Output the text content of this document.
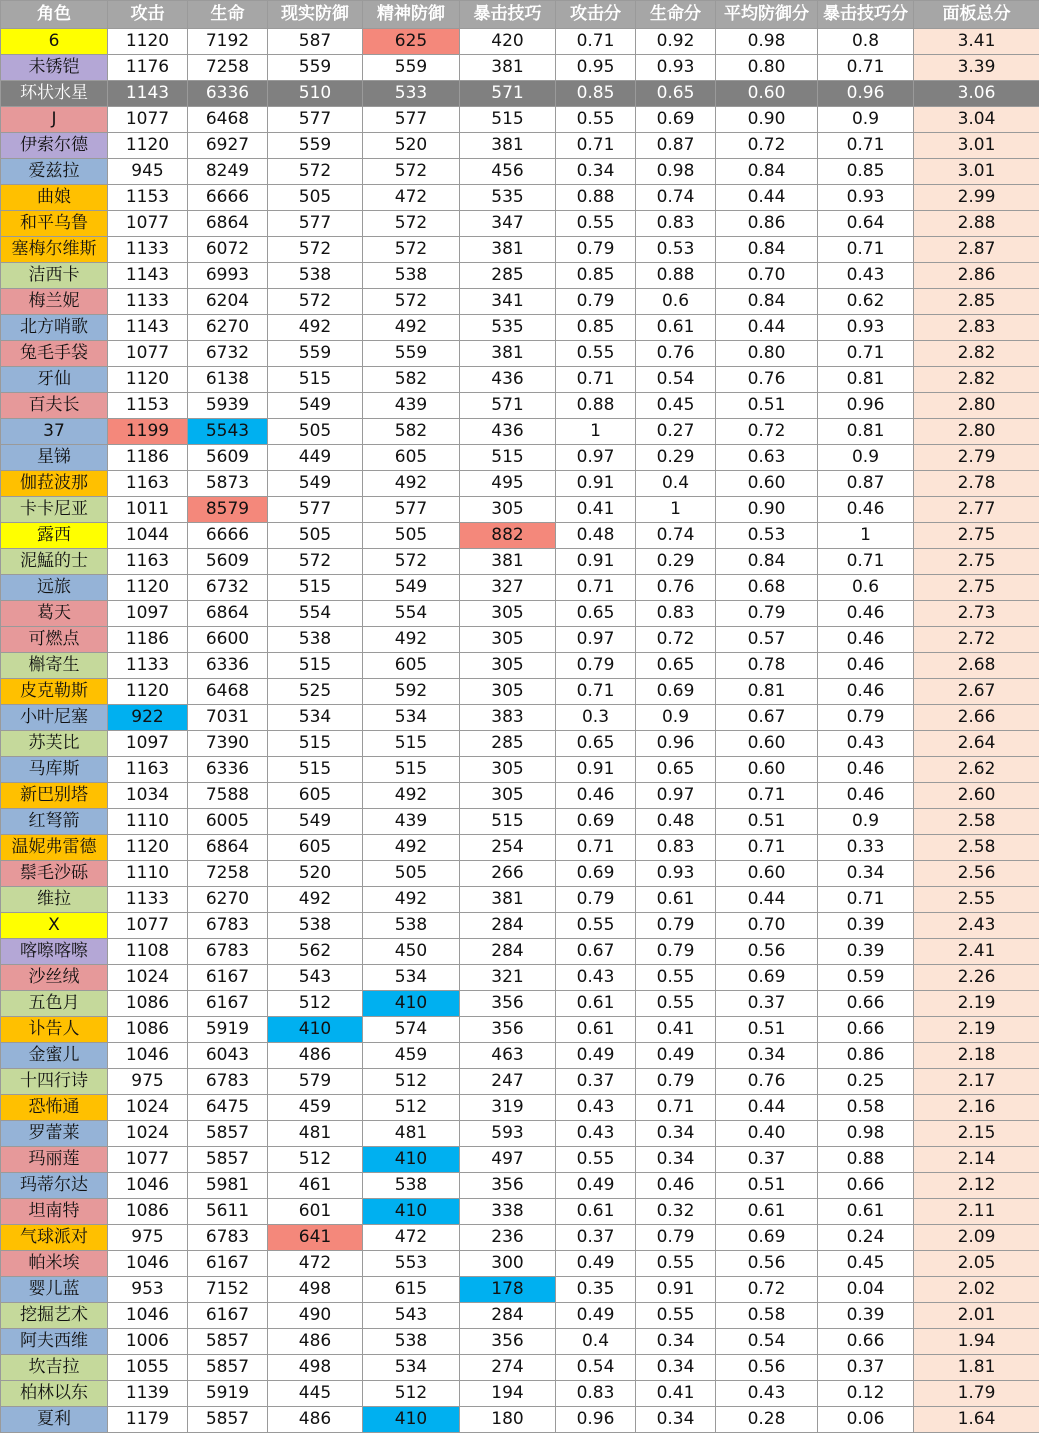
角色	攻击	生命	现实防御	精神防御	暴击技巧	攻击分	生命分	平均防御分	暴击技巧分	面板总分
6	1120	7192	587	625	420	0.71	0.92	0.98	0.8	3.41
未锈铠	1176	7258	559	559	381	0.95	0.93	0.80	0.71	3.39
环状水星	1143	6336	510	533	571	0.85	0.65	0.60	0.96	3.06
J	1077	6468	577	577	515	0.55	0.69	0.90	0.9	3.04
伊索尔德	1120	6927	559	520	381	0.71	0.87	0.72	0.71	3.01
爱兹拉	945	8249	572	572	456	0.34	0.98	0.84	0.85	3.01
曲娘	1153	6666	505	472	535	0.88	0.74	0.44	0.93	2.99
和平乌鲁	1077	6864	577	572	347	0.55	0.83	0.86	0.64	2.88
塞梅尔维斯	1133	6072	572	572	381	0.79	0.53	0.84	0.71	2.87
洁西卡	1143	6993	538	538	285	0.85	0.88	0.70	0.43	2.86
梅兰妮	1133	6204	572	572	341	0.79	0.6	0.84	0.62	2.85
北方哨歌	1143	6270	492	492	535	0.85	0.61	0.44	0.93	2.83
兔毛手袋	1077	6732	559	559	381	0.55	0.76	0.80	0.71	2.82
牙仙	1120	6138	515	582	436	0.71	0.54	0.76	0.81	2.82
百夫长	1153	5939	549	439	571	0.88	0.45	0.51	0.96	2.80
37	1199	5543	505	582	436	1	0.27	0.72	0.81	2.80
星锑	1186	5609	449	605	515	0.97	0.29	0.63	0.9	2.79
伽菈波那	1163	5873	549	492	495	0.91	0.4	0.60	0.87	2.78
卡卡尼亚	1011	8579	577	577	305	0.41	1	0.90	0.46	2.77
露西	1044	6666	505	505	882	0.48	0.74	0.53	1	2.75
泥鯭的士	1163	5609	572	572	381	0.91	0.29	0.84	0.71	2.75
远旅	1120	6732	515	549	327	0.71	0.76	0.68	0.6	2.75
葛天	1097	6864	554	554	305	0.65	0.83	0.79	0.46	2.73
可燃点	1186	6600	538	492	305	0.97	0.72	0.57	0.46	2.72
槲寄生	1133	6336	515	605	305	0.79	0.65	0.78	0.46	2.68
皮克勒斯	1120	6468	525	592	305	0.71	0.69	0.81	0.46	2.67
小叶尼塞	922	7031	534	534	383	0.3	0.9	0.67	0.79	2.66
苏芙比	1097	7390	515	515	285	0.65	0.96	0.60	0.43	2.64
马库斯	1163	6336	515	515	305	0.91	0.65	0.60	0.46	2.62
新巴别塔	1034	7588	605	492	305	0.46	0.97	0.71	0.46	2.60
红弩箭	1110	6005	549	439	515	0.69	0.48	0.51	0.9	2.58
温妮弗雷德	1120	6864	605	492	254	0.71	0.83	0.71	0.33	2.58
鬃毛沙砾	1110	7258	520	505	266	0.69	0.93	0.60	0.34	2.56
维拉	1133	6270	492	492	381	0.79	0.61	0.44	0.71	2.55
X	1077	6783	538	538	284	0.55	0.79	0.70	0.39	2.43
喀嚓喀嚓	1108	6783	562	450	284	0.67	0.79	0.56	0.39	2.41
沙丝绒	1024	6167	543	534	321	0.43	0.55	0.69	0.59	2.26
五色月	1086	6167	512	410	356	0.61	0.55	0.37	0.66	2.19
讣告人	1086	5919	410	574	356	0.61	0.41	0.51	0.66	2.19
金蜜儿	1046	6043	486	459	463	0.49	0.49	0.34	0.86	2.18
十四行诗	975	6783	579	512	247	0.37	0.79	0.76	0.25	2.17
恐怖通	1024	6475	459	512	319	0.43	0.71	0.44	0.58	2.16
罗蕾莱	1024	5857	481	481	593	0.43	0.34	0.40	0.98	2.15
玛丽莲	1077	5857	512	410	497	0.55	0.34	0.37	0.88	2.14
玛蒂尔达	1046	5981	461	538	356	0.49	0.46	0.51	0.66	2.12
坦南特	1086	5611	601	410	338	0.61	0.32	0.61	0.61	2.11
气球派对	975	6783	641	472	236	0.37	0.79	0.69	0.24	2.09
帕米埃	1046	6167	472	553	300	0.49	0.55	0.56	0.45	2.05
婴儿蓝	953	7152	498	615	178	0.35	0.91	0.72	0.04	2.02
挖掘艺术	1046	6167	490	543	284	0.49	0.55	0.58	0.39	2.01
阿夫西维	1006	5857	486	538	356	0.4	0.34	0.54	0.66	1.94
坎吉拉	1055	5857	498	534	274	0.54	0.34	0.56	0.37	1.81
柏林以东	1139	5919	445	512	194	0.83	0.41	0.43	0.12	1.79
夏利	1179	5857	486	410	180	0.96	0.34	0.28	0.06	1.64
